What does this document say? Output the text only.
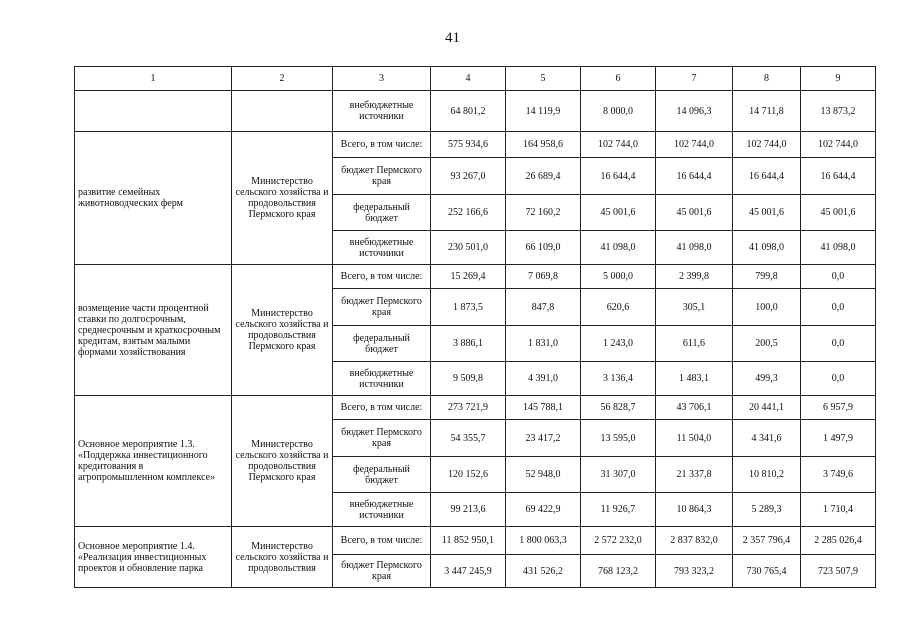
41
1	2	3	4	5	6	7	8	9
		внебюджетные источники	64 801,2	14 119,9	8 000,0	14 096,3	14 711,8	13 873,2
развитие семейных животноводческих ферм	Министерство сельского хозяйства и продовольствия Пермского края	Всего, в том числе:	575 934,6	164 958,6	102 744,0	102 744,0	102 744,0	102 744,0
		бюджет Пермского края	93 267,0	26 689,4	16 644,4	16 644,4	16 644,4	16 644,4
		федеральный бюджет	252 166,6	72 160,2	45 001,6	45 001,6	45 001,6	45 001,6
		внебюджетные источники	230 501,0	66 109,0	41 098,0	41 098,0	41 098,0	41 098,0
возмещение части процентной ставки по долгосрочным, среднесрочным и краткосрочным кредитам, взятым малыми формами хозяйствования	Министерство сельского хозяйства и продовольствия Пермского края	Всего, в том числе:	15 269,4	7 069,8	5 000,0	2 399,8	799,8	0,0
		бюджет Пермского края	1 873,5	847,8	620,6	305,1	100,0	0,0
		федеральный бюджет	3 886,1	1 831,0	1 243,0	611,6	200,5	0,0
		внебюджетные источники	9 509,8	4 391,0	3 136,4	1 483,1	499,3	0,0
Основное мероприятие 1.3. «Поддержка инвестиционного кредитования в агропромышленном комплексе»	Министерство сельского хозяйства и продовольствия Пермского края	Всего, в том числе:	273 721,9	145 788,1	56 828,7	43 706,1	20 441,1	6 957,9
		бюджет Пермского края	54 355,7	23 417,2	13 595,0	11 504,0	4 341,6	1 497,9
		федеральный бюджет	120 152,6	52 948,0	31 307,0	21 337,8	10 810,2	3 749,6
		внебюджетные источники	99 213,6	69 422,9	11 926,7	10 864,3	5 289,3	1 710,4
Основное мероприятие 1.4. «Реализация инвестиционных проектов и обновление парка	Министерство сельского хозяйства и продовольствия	Всего, в том числе:	11 852 950,1	1 800 063,3	2 572 232,0	2 837 832,0	2 357 796,4	2 285 026,4
		бюджет Пермского края	3 447 245,9	431 526,2	768 123,2	793 323,2	730 765,4	723 507,9
